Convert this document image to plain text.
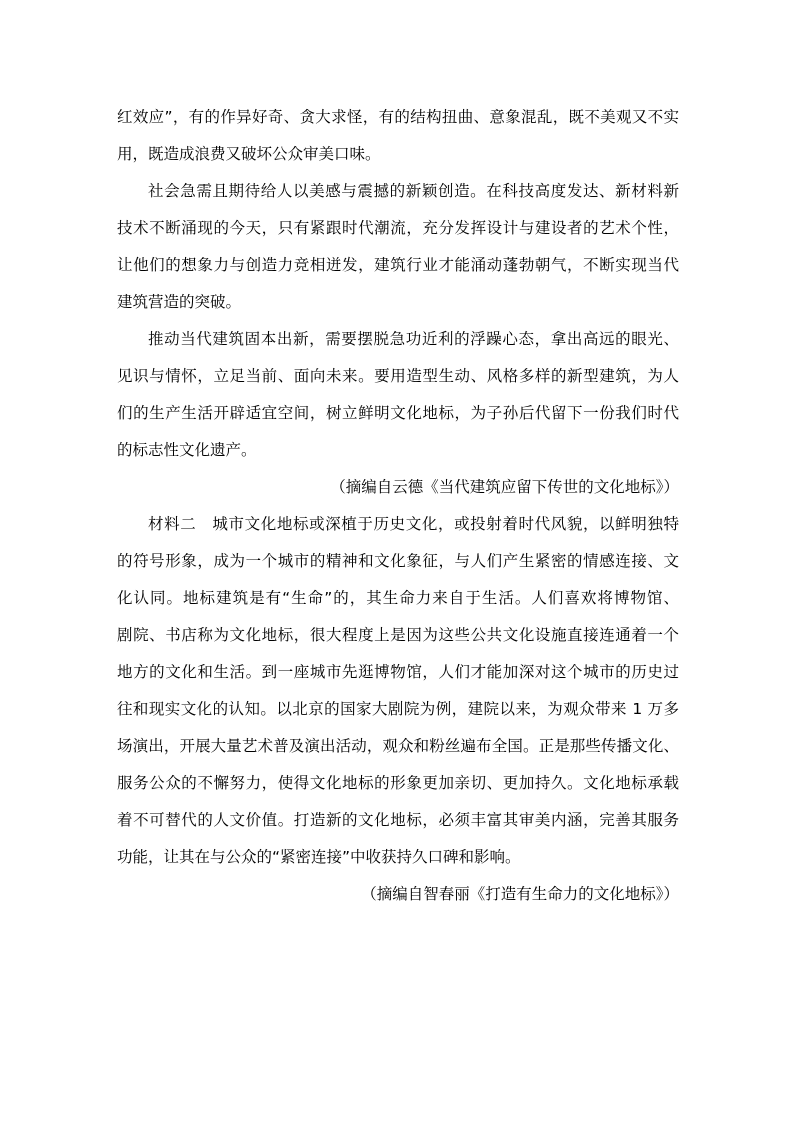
红效应”，有的作异好奇、贪大求怪，有的结构扭曲、意象混乱，既不美观又不实
用，既造成浪费又破坏公众审美口味。
社会急需且期待给人以美感与震撼的新颖创造。在科技高度发达、新材料新
技术不断涌现的今天，只有紧跟时代潮流，充分发挥设计与建设者的艺术个性，
让他们的想象力与创造力竞相迸发，建筑行业才能涌动蓬勃朝气，不断实现当代
建筑营造的突破。
推动当代建筑固本出新，需要摆脱急功近利的浮躁心态，拿出高远的眼光、
见识与情怀，立足当前、面向未来。要用造型生动、风格多样的新型建筑，为人
们的生产生活开辟适宜空间，树立鲜明文化地标，为子孙后代留下一份我们时代
的标志性文化遗产。
（摘编自云德《当代建筑应留下传世的文化地标》）
材料二　城市文化地标或深植于历史文化，或投射着时代风貌，以鲜明独特
的符号形象，成为一个城市的精神和文化象征，与人们产生紧密的情感连接、文
化认同。地标建筑是有“生命”的，其生命力来自于生活。人们喜欢将博物馆、
剧院、书店称为文化地标，很大程度上是因为这些公共文化设施直接连通着一个
地方的文化和生活。到一座城市先逛博物馆，人们才能加深对这个城市的历史过
往和现实文化的认知。以北京的国家大剧院为例，建院以来，为观众带来 1 万多
场演出，开展大量艺术普及演出活动，观众和粉丝遍布全国。正是那些传播文化、
服务公众的不懈努力，使得文化地标的形象更加亲切、更加持久。文化地标承载
着不可替代的人文价值。打造新的文化地标，必须丰富其审美内涵，完善其服务
功能，让其在与公众的“紧密连接”中收获持久口碑和影响。
（摘编自智春丽《打造有生命力的文化地标》）
